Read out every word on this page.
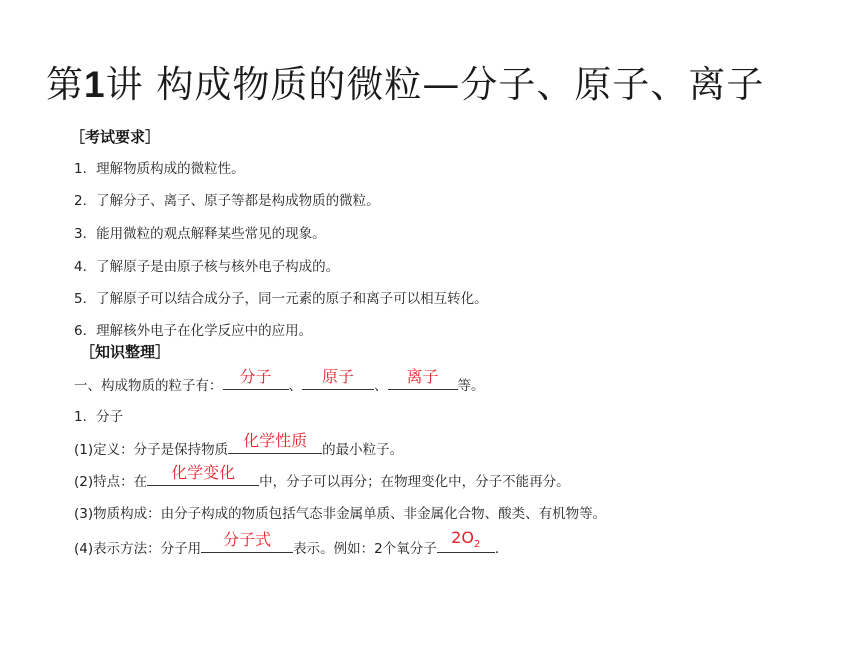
第1讲 构成物质的微粒—分子、原子、离子
［考试要求］
1．理解物质构成的微粒性。
2．了解分子、离子、原子等都是构成物质的微粒。
3．能用微粒的观点解释某些常见的现象。
4．了解原子是由原子核与核外电子构成的。
5．了解原子可以结合成分子，同一元素的原子和离子可以相互转化。
6．理解核外电子在化学反应中的应用。
［知识整理］
一、构成物质的粒子有：	分子	、	原子	、	离子	等。
1．分子
(1)定义：分子是保持物质 化学性质	的最小粒子。
(2)特点：在	化学变化	中，分子可以再分；在物理变化中，分子不能再分。
(3)物质构成：由分子构成的物质包括气态非金属单质、非金属化合物、酸类、有机物等。
(4)表示方法：分子用	分子式	表示。例如：2个氧分子
$2O_2$	.
